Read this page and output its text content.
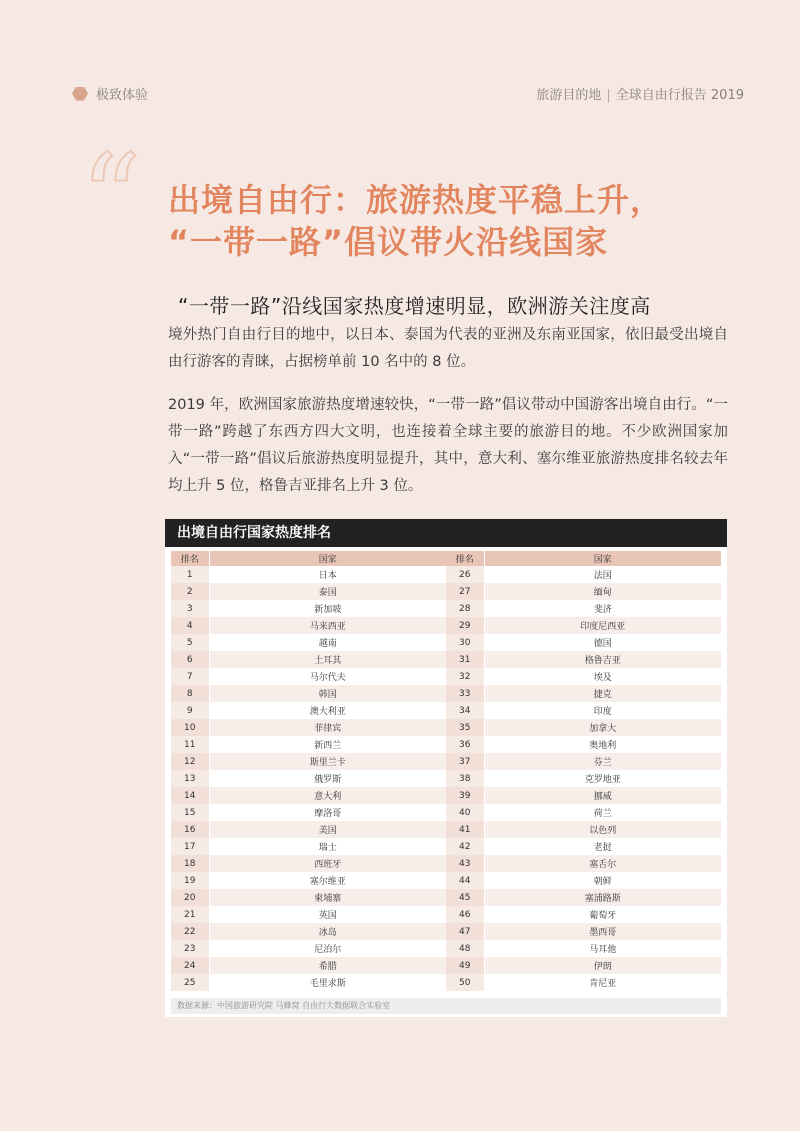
极致体验	旅游目的地 | 全球自由行报告 2019
“ 出境自由行：旅游热度平稳上升，
“一带一路”倡议带火沿线国家
“一带一路”沿线国家热度增速明显，欧洲游关注度高

境外热门自由行目的地中，以日本、泰国为代表的亚洲及东南亚国家，依旧最受出境自由行游客的青睐，占据榜单前 10 名中的 8 位。

2019 年，欧洲国家旅游热度增速较快，“一带一路”倡议带动中国游客出境自由行。“一带一路”跨越了东西方四大文明，也连接着全球主要的旅游目的地。不少欧洲国家加入“一带一路”倡议后旅游热度明显提升，其中，意大利、塞尔维亚旅游热度排名较去年均上升 5 位，格鲁吉亚排名上升 3 位。

出境自由行国家热度排名
排名	国家
1	日本
2	泰国
3	新加坡
4	马来西亚
5	越南
6	土耳其
7	马尔代夫
8	韩国
9	澳大利亚
10	菲律宾
11	新西兰
12	斯里兰卡
13	俄罗斯
14	意大利
15	摩洛哥
16	美国
17	瑞士
18	西班牙
19	塞尔维亚
20	柬埔寨
21	英国
22	冰岛
23	尼泊尔
24	希腊
25	毛里求斯
排名	国家
26	法国
27	缅甸
28	斐济
29	印度尼西亚
30	德国
31	格鲁吉亚
32	埃及
33	捷克
34	印度
35	加拿大
36	奥地利
37	芬兰
38	克罗地亚
39	挪威
40	荷兰
41	以色列
42	老挝
43	塞舌尔
44	朝鲜
45	塞浦路斯
46	葡萄牙
47	墨西哥
48	马耳他
49	伊朗
50	肯尼亚
数据来源：中国旅游研究院 马蜂窝 自由行大数据联合实验室
